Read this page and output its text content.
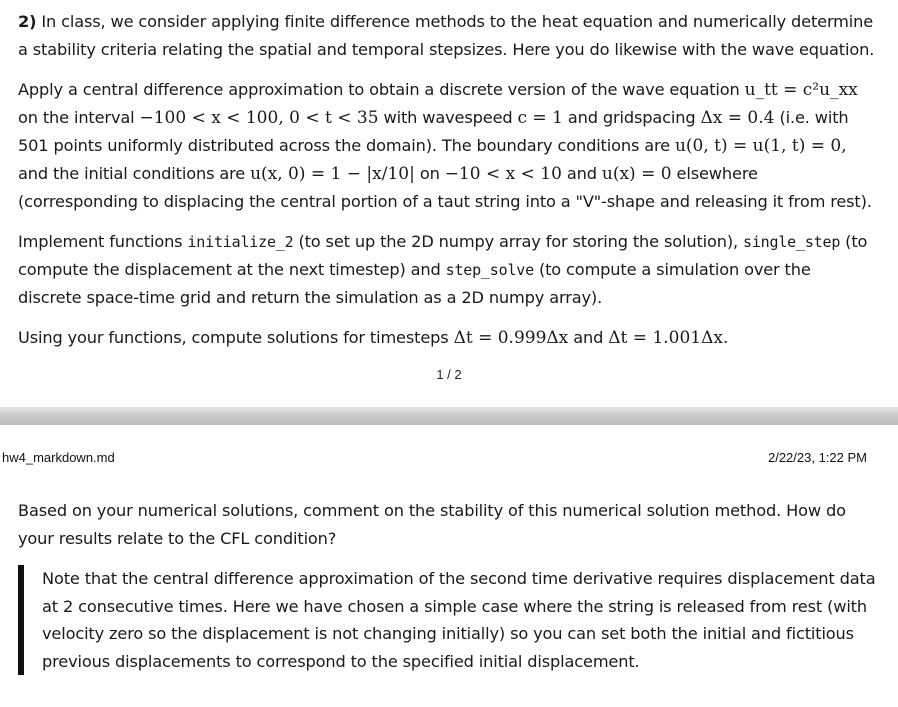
2) In class, we consider applying finite difference methods to the heat equation and numerically determine a stability criteria relating the spatial and temporal stepsizes. Here you do likewise with the wave equation.

Apply a central difference approximation to obtain a discrete version of the wave equation u_tt = c²u_xx on the interval −100 < x < 100, 0 < t < 35 with wavespeed c = 1 and gridspacing Δx = 0.4 (i.e. with 501 points uniformly distributed across the domain). The boundary conditions are u(0, t) = u(1, t) = 0, and the initial conditions are u(x, 0) = 1 − |x/10| on −10 < x < 10 and u(x) = 0 elsewhere (corresponding to displacing the central portion of a taut string into a "V"-shape and releasing it from rest).

Implement functions initialize_2 (to set up the 2D numpy array for storing the solution), single_step (to compute the displacement at the next timestep) and step_solve (to compute a simulation over the discrete space-time grid and return the simulation as a 2D numpy array).

Using your functions, compute solutions for timesteps Δt = 0.999Δx and Δt = 1.001Δx.

1 / 2
hw4_markdown.md	2/22/23, 1:22 PM

Based on your numerical solutions, comment on the stability of this numerical solution method. How do your results relate to the CFL condition?

Note that the central difference approximation of the second time derivative requires displacement data at 2 consecutive times. Here we have chosen a simple case where the string is released from rest (with velocity zero so the displacement is not changing initially) so you can set both the initial and fictitious previous displacements to correspond to the specified initial displacement.
